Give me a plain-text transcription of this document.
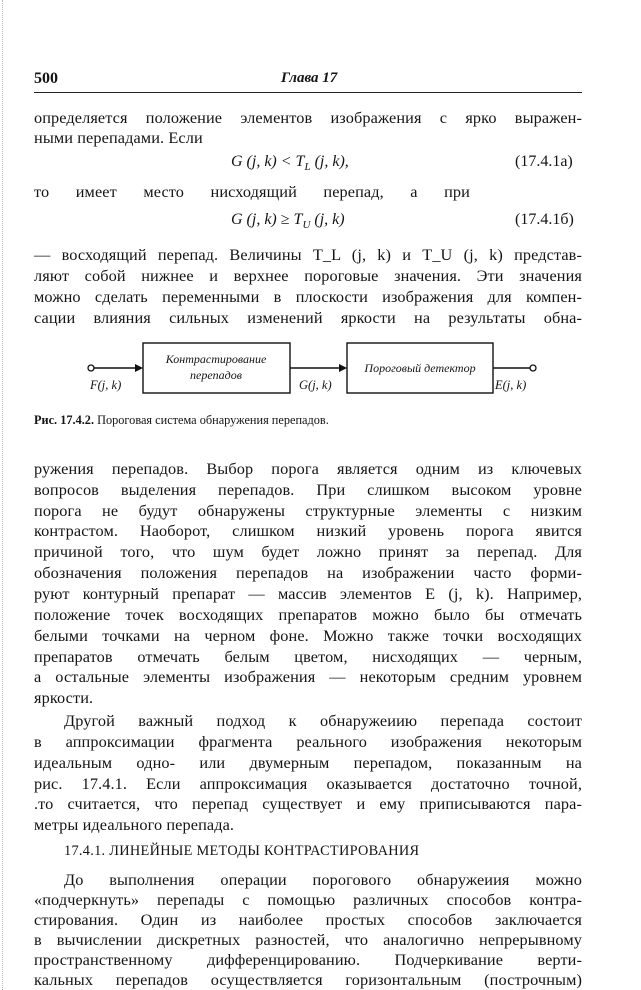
500	Глава 17

определяется положение элементов изображения с ярко выражен-

ными перепадами. Если

G (j, $k) < T_L$ (j, k),	(17.4.1a)

то имеет место нисходящий перепад, а при

G (j, $k) \ge T_U$ (j, k)	(17.4.1б)

— восходящий перепад. Величины T_L (j, k) и T_U (j, k) представ-

ляют собой нижнее и верхнее пороговые значения. Эти значения

можно сделать переменными в плоскости изображения для компен-

сации влияния сильных изменений яркости на результаты обна-

Контрастирование
перепадов	Пороговый детектор
F(j, k)	G(j, k)	E(j, k)
Рис. 17.4.2. Пороговая система обнаружения перепадов.

ружения перепадов. Выбор порога является одним из ключевых

вопросов выделения перепадов. При слишком высоком уровне

порога не будут обнаружены структурные элементы с низким

контрастом. Наоборот, слишком низкий уровень порога явится

причиной того, что шум будет ложно принят за перепад. Для

обозначения положения перепадов на изображении часто форми-

руют контурный препарат — массив элементов E (j, k). Например,

положение точек восходящих препаратов можно было бы отмечать

белыми точками на черном фоне. Можно также точки восходящих

препаратов отмечать белым цветом, нисходящих — черным,

а остальные элементы изображения — некоторым средним уровнем

яркости.

Другой важный подход к обнаружеиию перепада состоит

в аппроксимации фрагмента реального изображения некоторым

идеальным одно- или двумерным перепадом, показанным на

рис. 17.4.1. Если аппроксимация оказывается достаточно точной,

.то считается, что перепад существует и ему приписываются пара-

метры идеального перепада.

17.4.1. ЛИНЕЙНЫЕ МЕТОДЫ КОНТРАСТИРОВАНИЯ

До выполнения операции порогового обнаружеиия можно

«подчеркнуть» перепады с помощью различных способов контра-

стирования. Один из наиболее простых способов заключается

в вычислении дискретных разностей, что аналогично непрерывному

пространственному дифференцированию. Подчеркивание верти-

кальных перепадов осуществляется горизонтальным (построчным)
